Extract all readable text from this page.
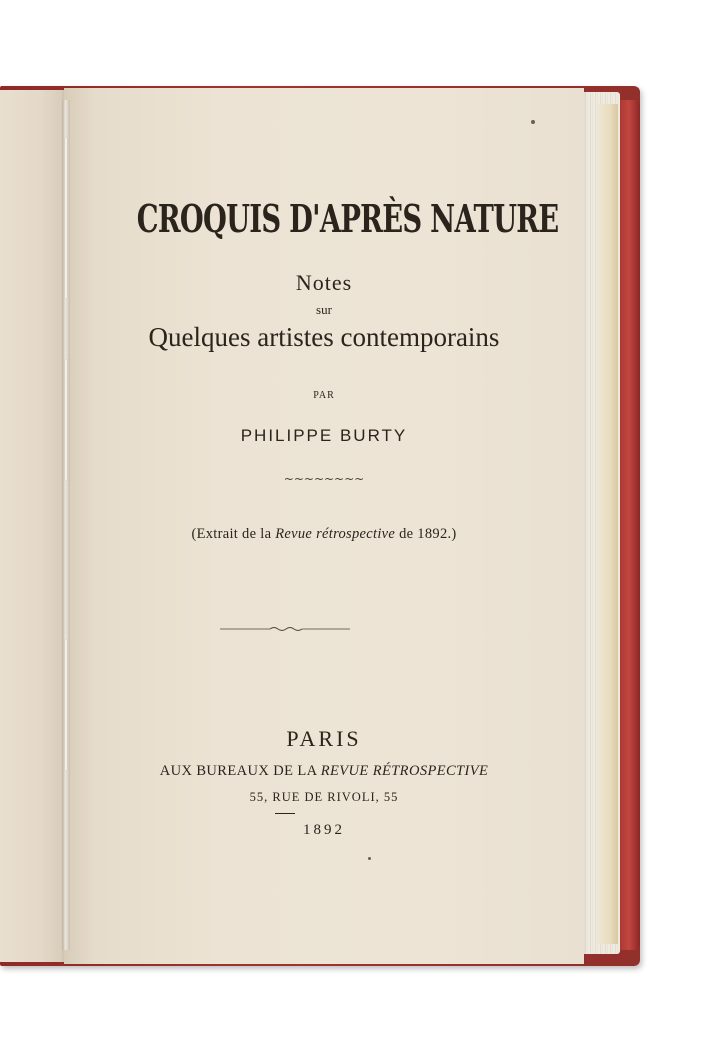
CROQUIS D'APRÈS NATURE
Notes
sur
Quelques artistes contemporains
PAR
PHILIPPE BURTY
~~~~~~~~
(Extrait de la Revue rétrospective de 1892.)
PARIS
AUX BUREAUX DE LA REVUE RÉTROSPECTIVE
55, RUE DE RIVOLI, 55
1892
